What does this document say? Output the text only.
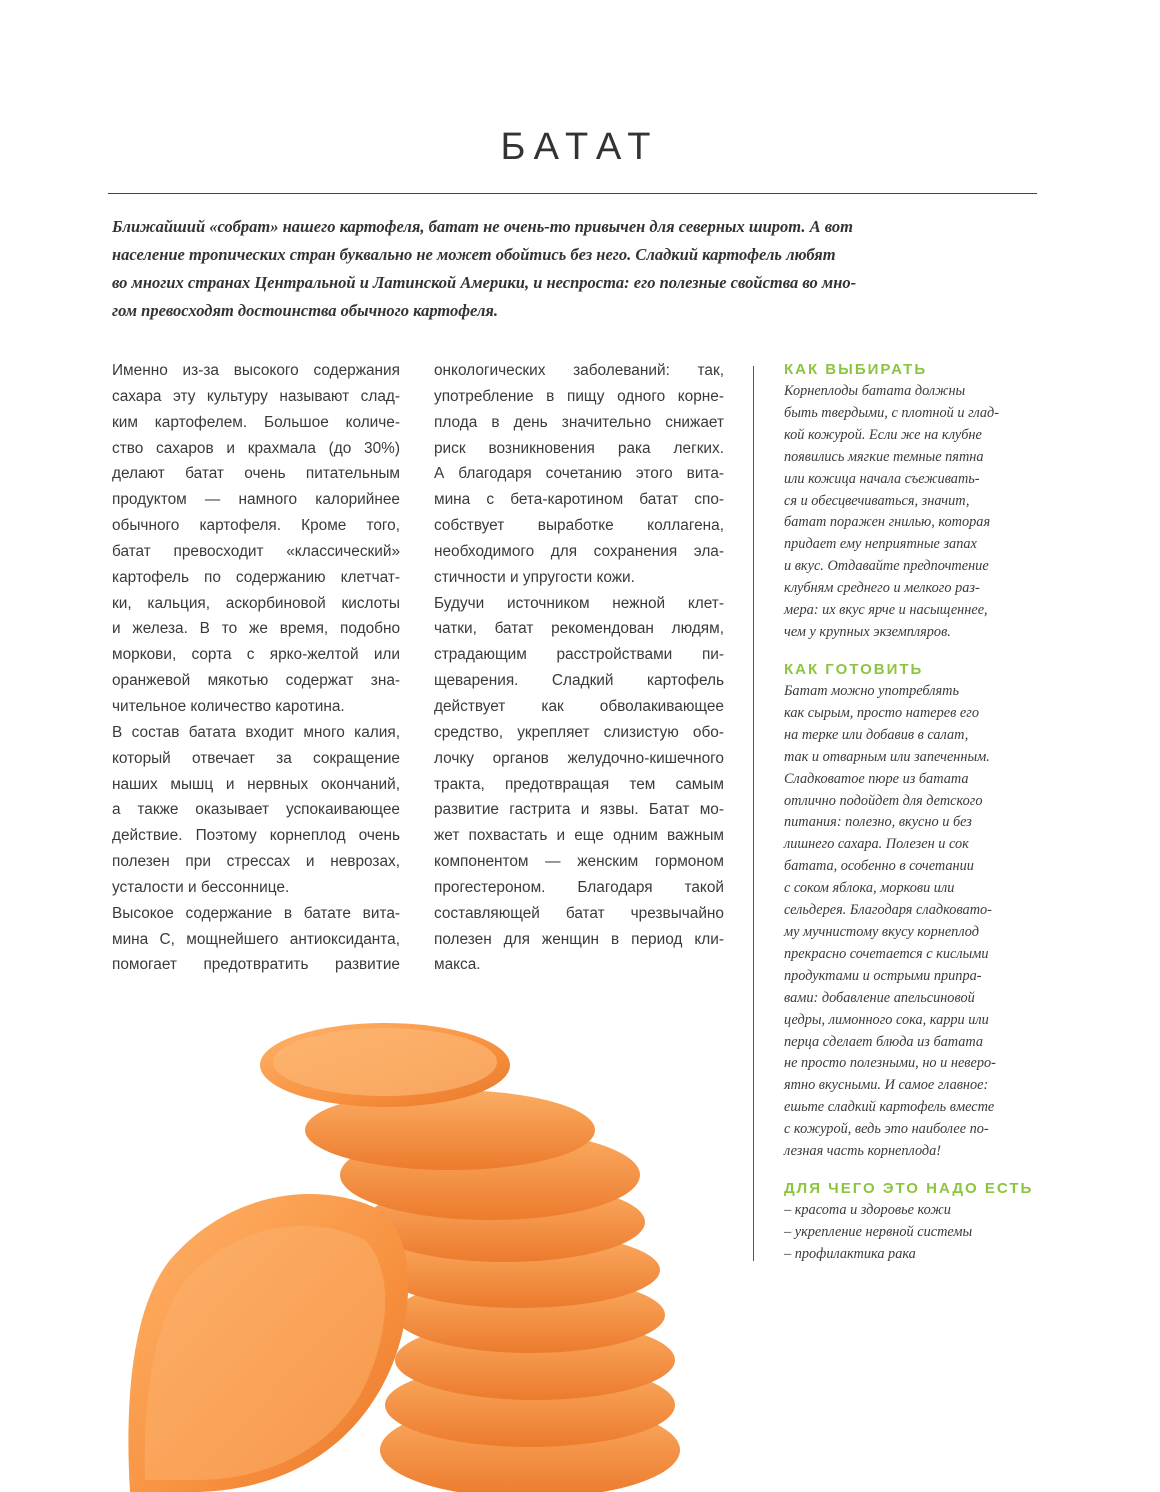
БАТАТ

Ближайший «собрат» нашего картофеля, батат не очень-то привычен для северных широт. А вот

население тропических стран буквально не может обойтись без него. Сладкий картофель любят

во многих странах Центральной и Латинской Америки, и неспроста: его полезные свойства во мно-

гом превосходят достоинства обычного картофеля.

Именно из-за высокого содержания
сахара эту культуру называют слад-
ким картофелем. Большое количе-
ство сахаров и крахмала (до 30%)
делают батат очень питательным
продуктом — намного калорийнее
обычного картофеля. Кроме того,
батат превосходит «классический»
картофель по содержанию клетчат-
ки, кальция, аскорбиновой кислоты
и железа. В то же время, подобно
моркови, сорта с ярко-желтой или
оранжевой мякотью содержат зна-
чительное количество каротина.
В состав батата входит много калия,
который отвечает за сокращение
наших мышц и нервных окончаний,
а также оказывает успокаивающее
действие. Поэтому корнеплод очень
полезен при стрессах и неврозах,
усталости и бессоннице.
Высокое содержание в батате вита-
мина С, мощнейшего антиоксиданта,
помогает предотвратить развитие
онкологических заболеваний: так,
употребление в пищу одного корне-
плода в день значительно снижает
риск возникновения рака легких.
А благодаря сочетанию этого вита-
мина с бета-каротином батат спо-
собствует выработке коллагена,
необходимого для сохранения эла-
стичности и упругости кожи.
Будучи источником нежной клет-
чатки, батат рекомендован людям,
страдающим расстройствами пи-
щеварения. Сладкий картофель
действует как обволакивающее
средство, укрепляет слизистую обо-
лочку органов желудочно-кишечного
тракта, предотвращая тем самым
развитие гастрита и язвы. Батат мо-
жет похвастать и еще одним важным
компонентом — женским гормоном
прогестероном. Благодаря такой
составляющей батат чрезвычайно
полезен для женщин в период кли-
макса.
КАК ВЫБИРАТЬ
Корнеплоды батата должны
быть твердыми, с плотной и глад-
кой кожурой. Если же на клубне
появились мягкие темные пятна
или кожица начала съеживать-
ся и обесцвечиваться, значит,
батат поражен гнилью, которая
придает ему неприятные запах
и вкус. Отдавайте предпочтение
клубням среднего и мелкого раз-
мера: их вкус ярче и насыщеннее,
чем у крупных экземпляров.
КАК ГОТОВИТЬ
Батат можно употреблять
как сырым, просто натерев его
на терке или добавив в салат,
так и отварным или запеченным.
Сладковатое пюре из батата
отлично подойдет для детского
питания: полезно, вкусно и без
лишнего сахара. Полезен и сок
батата, особенно в сочетании
с соком яблока, моркови или
сельдерея. Благодаря сладковато-
му мучнистому вкусу корнеплод
прекрасно сочетается с кислыми
продуктами и острыми припра-
вами: добавление апельсиновой
цедры, лимонного сока, карри или
перца сделает блюда из батата
не просто полезными, но и неверо-
ятно вкусными. И самое главное:
ешьте сладкий картофель вместе
с кожурой, ведь это наиболее по-
лезная часть корнеплода!
ДЛЯ ЧЕГО ЭТО НАДО ЕСТЬ
– красота и здоровье кожи
– укрепление нервной системы
– профилактика рака
